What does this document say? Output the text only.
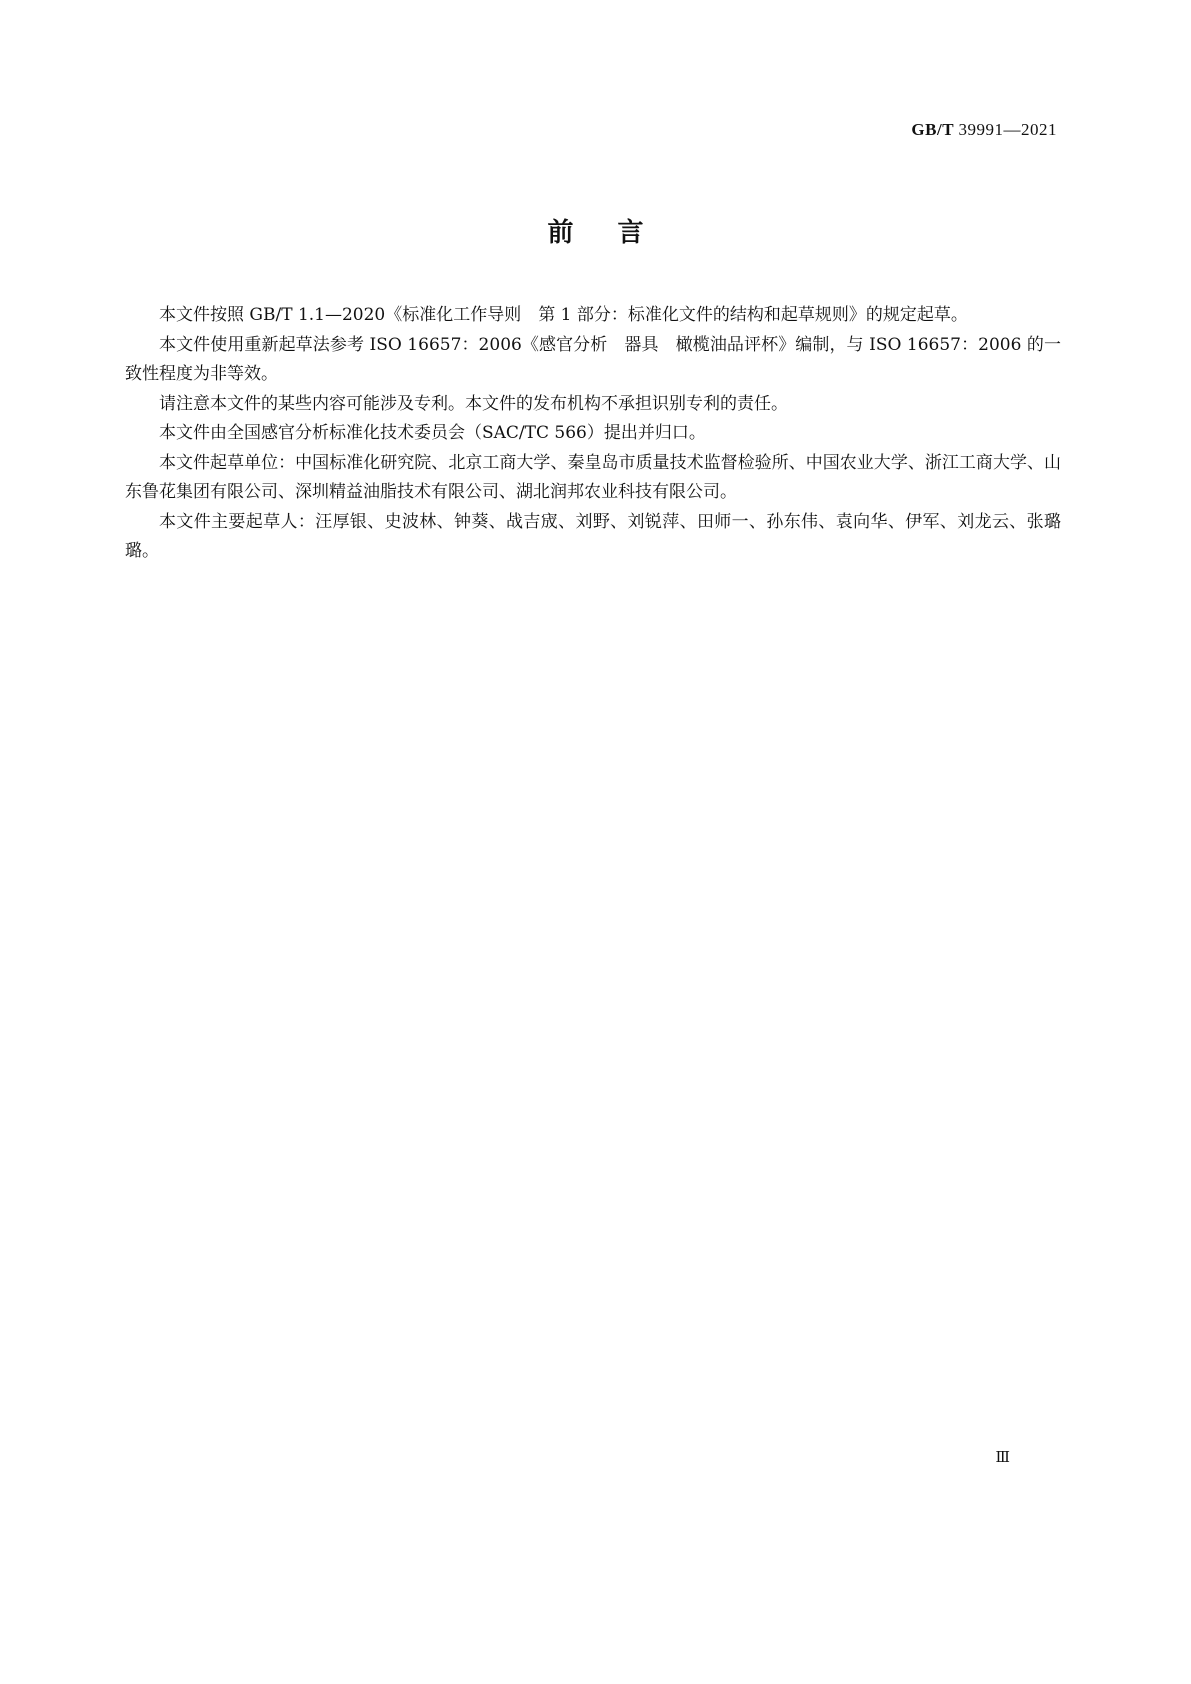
GB/T 39991—2021
前言

本文件按照 GB/T 1.1—2020《标准化工作导则　第 1 部分：标准化文件的结构和起草规则》的规定起草。

本文件使用重新起草法参考 ISO 16657：2006《感官分析　器具　橄榄油品评杯》编制，与 ISO 16657：2006 的一致性程度为非等效。

请注意本文件的某些内容可能涉及专利。本文件的发布机构不承担识别专利的责任。

本文件由全国感官分析标准化技术委员会（SAC/TC 566）提出并归口。

本文件起草单位：中国标准化研究院、北京工商大学、秦皇岛市质量技术监督检验所、中国农业大学、浙江工商大学、山东鲁花集团有限公司、深圳精益油脂技术有限公司、湖北润邦农业科技有限公司。

本文件主要起草人：汪厚银、史波林、钟葵、战吉宬、刘野、刘锐萍、田师一、孙东伟、袁向华、伊军、刘龙云、张璐璐。

Ⅲ
